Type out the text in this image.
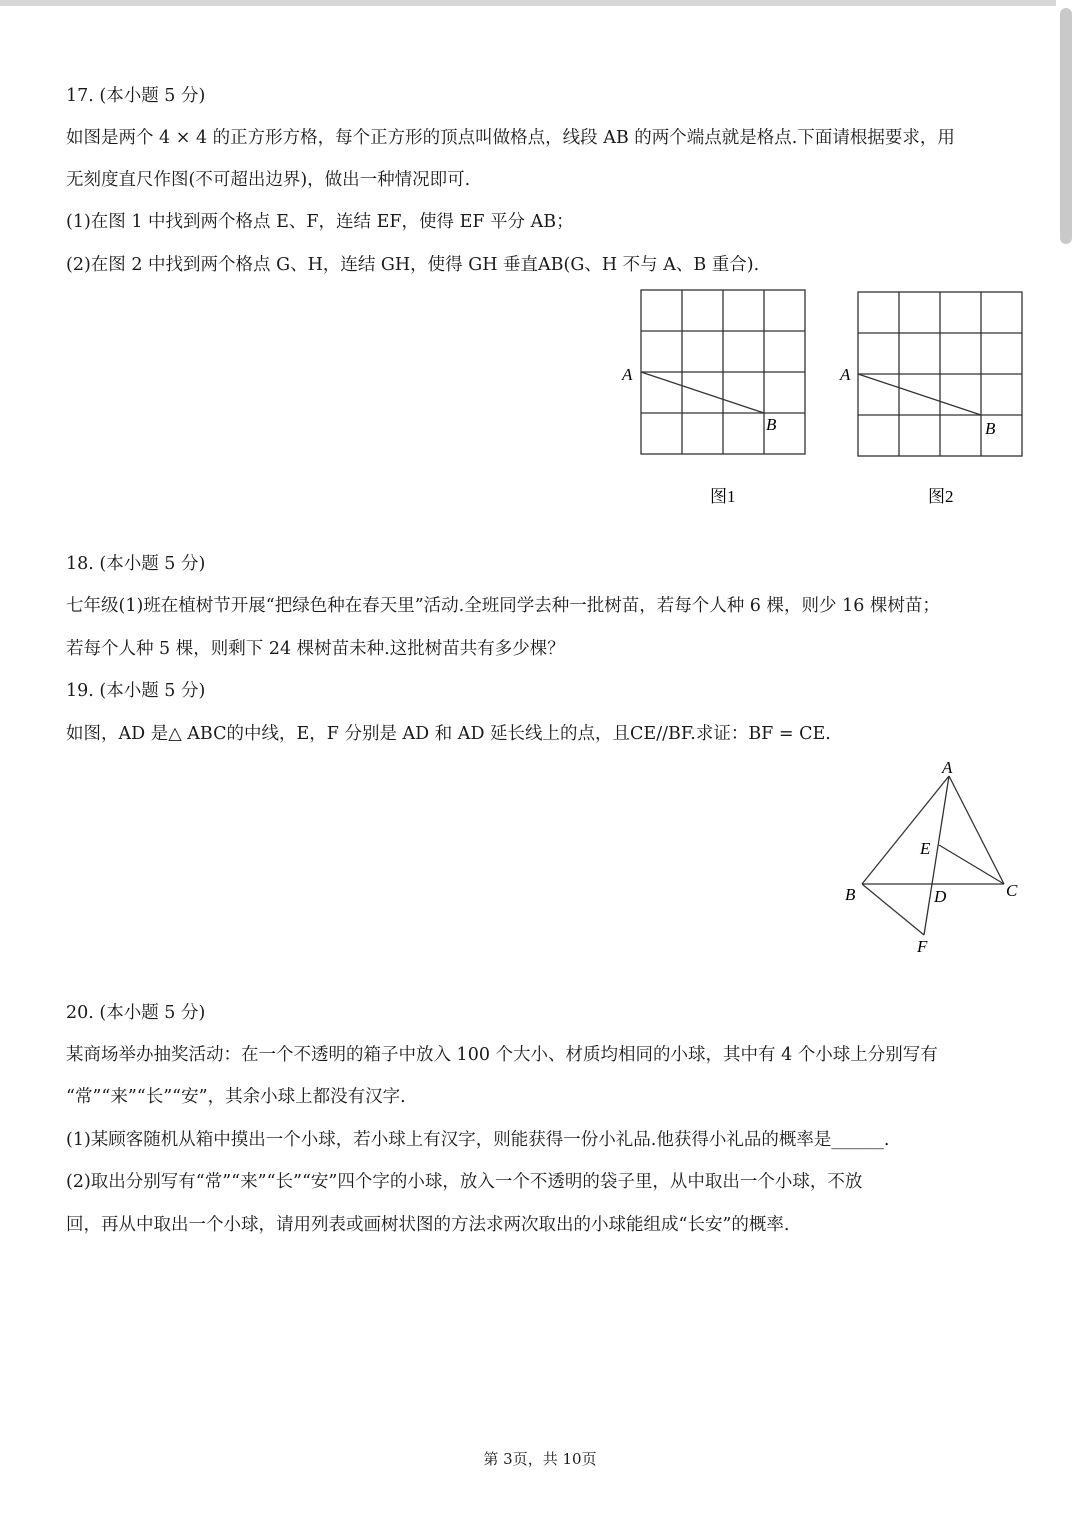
17. (本小题 5 分)
如图是两个 4 × 4 的正方形方格，每个正方形的顶点叫做格点，线段 AB 的两个端点就是格点.下面请根据要求，用
无刻度直尺作图(不可超出边界)，做出一种情况即可.
(1)在图 1 中找到两个格点 E、F，连结 EF，使得 EF 平分 AB；
(2)在图 2 中找到两个格点 G、H，连结 GH，使得 GH 垂直AB(G、H 不与 A、B 重合).
A
B
图1
A
B
图2
18. (本小题 5 分)
七年级(1)班在植树节开展“把绿色种在春天里”活动.全班同学去种一批树苗，若每个人种 6 棵，则少 16 棵树苗；
若每个人种 5 棵，则剩下 24 棵树苗未种.这批树苗共有多少棵？
19. (本小题 5 分)
如图，AD 是△ ABC的中线，E，F 分别是 AD 和 AD 延长线上的点，且CE//BF.求证：BF = CE.
A
E
B	D	C
F
20. (本小题 5 分)
某商场举办抽奖活动：在一个不透明的箱子中放入 100 个大小、材质均相同的小球，其中有 4 个小球上分别写有
“常”“来”“长”“安”，其余小球上都没有汉字.
(1)某顾客随机从箱中摸出一个小球，若小球上有汉字，则能获得一份小礼品.他获得小礼品的概率是______.
(2)取出分别写有“常”“来”“长”“安”四个字的小球，放入一个不透明的袋子里，从中取出一个小球，不放
回，再从中取出一个小球，请用列表或画树状图的方法求两次取出的小球能组成“长安”的概率.
第 3页，共 10页
